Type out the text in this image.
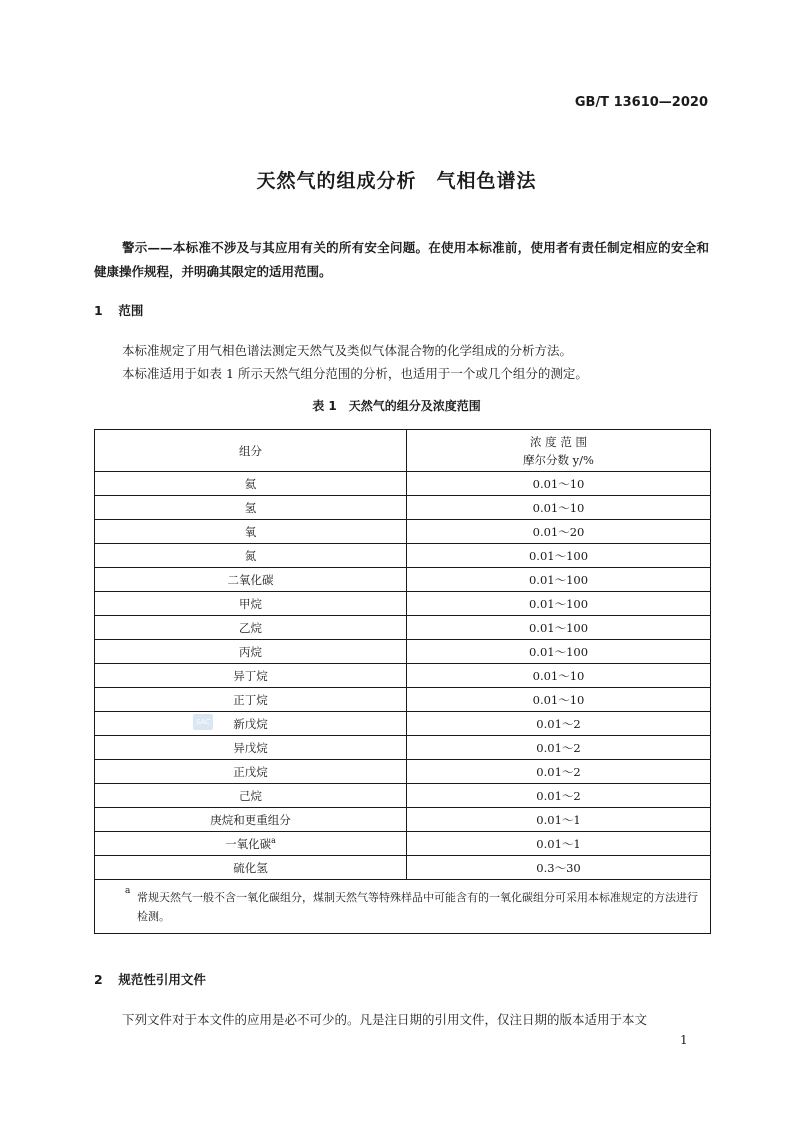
GB/T 13610—2020
天然气的组成分析　气相色谱法
警示——本标准不涉及与其应用有关的所有安全问题。在使用本标准前，使用者有责任制定相应的安全和健康操作规程，并明确其限定的适用范围。
1 范围
本标准规定了用气相色谱法测定天然气及类似气体混合物的化学组成的分析方法。
本标准适用于如表 1 所示天然气组分范围的分析，也适用于一个或几个组分的测定。
表 1　天然气的组分及浓度范围
组分	浓 度 范 围
摩尔分数 y/%

氦	0.01～10
氢	0.01～10
氧	0.01～20
氮	0.01～100
二氧化碳	0.01～100
甲烷	0.01～100
乙烷	0.01～100
丙烷	0.01～100
异丁烷	0.01～10
正丁烷	0.01～10
新戊烷	0.01～2
异戊烷	0.01～2
正戊烷	0.01～2
己烷	0.01～2
庚烷和更重组分	0.01～1
一氧化碳$^a$	0.01～1
硫化氢	0.3～30

a 常规天然气一般不含一氧化碳组分，煤制天然气等特殊样品中可能含有的一氧化碳组分可采用本标准规定的方法进行检测。	
SAC
2 规范性引用文件
下列文件对于本文件的应用是必不可少的。凡是注日期的引用文件，仅注日期的版本适用于本文
1
